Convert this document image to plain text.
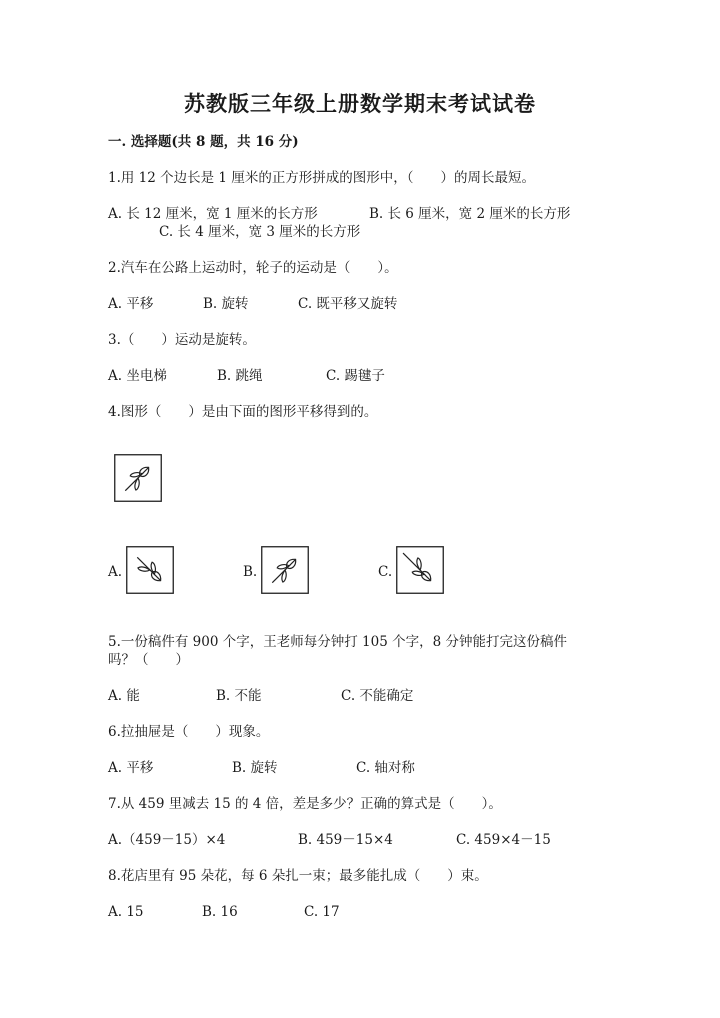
苏教版三年级上册数学期末考试试卷
一. 选择题(共 8 题，共 16 分)
1.用 12 个边长是 1 厘米的正方形拼成的图形中，（　　）的周长最短。
A. 长 12 厘米，宽 1 厘米的长方形	B. 长 6 厘米，宽 2 厘米的长方形
C. 长 4 厘米，宽 3 厘米的长方形
2.汽车在公路上运动时，轮子的运动是（　　）。
A. 平移	B. 旋转	C. 既平移又旋转
3.（　　）运动是旋转。
A. 坐电梯	B. 跳绳	C. 踢毽子
4.图形（　　）是由下面的图形平移得到的。
A.	B.	C.
5.一份稿件有 900 个字，王老师每分钟打 105 个字，8 分钟能打完这份稿件
吗？（　　）
A. 能	B. 不能	C. 不能确定
6.拉抽屉是（　　）现象。
A. 平移	B. 旋转	C. 轴对称
7.从 459 里减去 15 的 4 倍，差是多少？正确的算式是（　　）。
A.（459－15）×4	B. 459－15×4	C. 459×4－15
8.花店里有 95 朵花，每 6 朵扎一束；最多能扎成（　　）束。
A. 15	B. 16	C. 17
